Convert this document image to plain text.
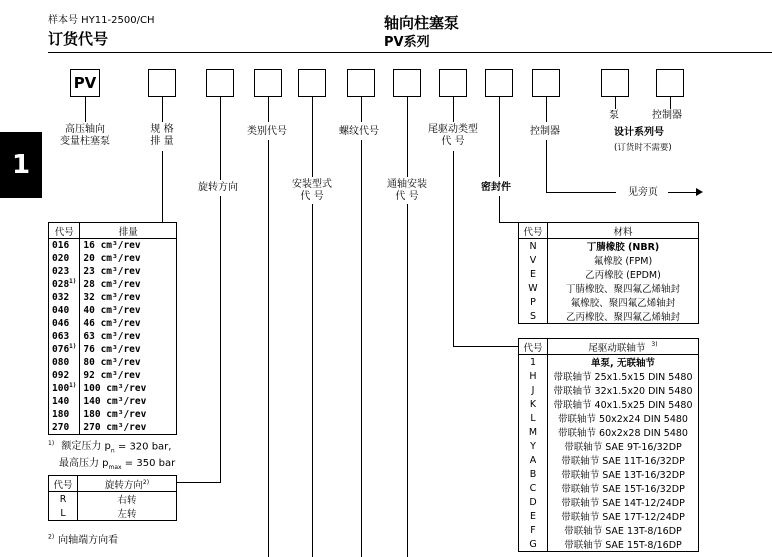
样本号 HY11-2500/CH
订货代号
轴向柱塞泵
PV系列
1
PV
高压轴向
变量柱塞泵
规 格
排 量
类别代号	螺纹代号	尾驱动类型
代 号
控制器
泵	控制器
设计系列号
(订货时不需要)
旋转方向	安装型式
代 号
通轴安装
代 号
密封件	见旁页
代号	排量
016	16 cm³/rev
020	20 cm³/rev
023	23 cm³/rev
028$^{1)}$	28 cm³/rev
032	32 cm³/rev
040	40 cm³/rev
046	46 cm³/rev
063	63 cm³/rev
076$^{1)}$	76 cm³/rev
080	80 cm³/rev
092	92 cm³/rev
100$^{1)}$	100 cm³/rev
140	140 cm³/rev
180	180 cm³/rev
270	270 cm³/rev
$^{1)}$ 额定压力 $p_n = 320$ bar,
最高压力 $p_{max} = 350$ bar
代号	旋转方向$^{2)}$
R	右转
L	左转
$^{2)}$ 向轴端方向看
代号	材料
N	丁腈橡胶 (NBR)
V	氟橡胶 (FPM)
E	乙丙橡胶 (EPDM)
W	丁腈橡胶、聚四氟乙烯轴封
P	氟橡胶、聚四氟乙烯轴封
S	乙丙橡胶、聚四氟乙烯轴封
代号	尾驱动联轴节 $^{3)}$
1	单泵, 无联轴节
H	带联轴节 25x1.5x15 DIN 5480
J	带联轴节 32x1.5x20 DIN 5480
K	带联轴节 40x1.5x25 DIN 5480
L	带联轴节 50x2x24 DIN 5480
M	带联轴节 60x2x28 DIN 5480
Y	带联轴节 SAE 9T-16/32DP
A	带联轴节 SAE 11T-16/32DP
B	带联轴节 SAE 13T-16/32DP
C	带联轴节 SAE 15T-16/32DP
D	带联轴节 SAE 14T-12/24DP
E	带联轴节 SAE 17T-12/24DP
F	带联轴节 SAE 13T-8/16DP
G	带联轴节 SAE 15T-8/16DP
